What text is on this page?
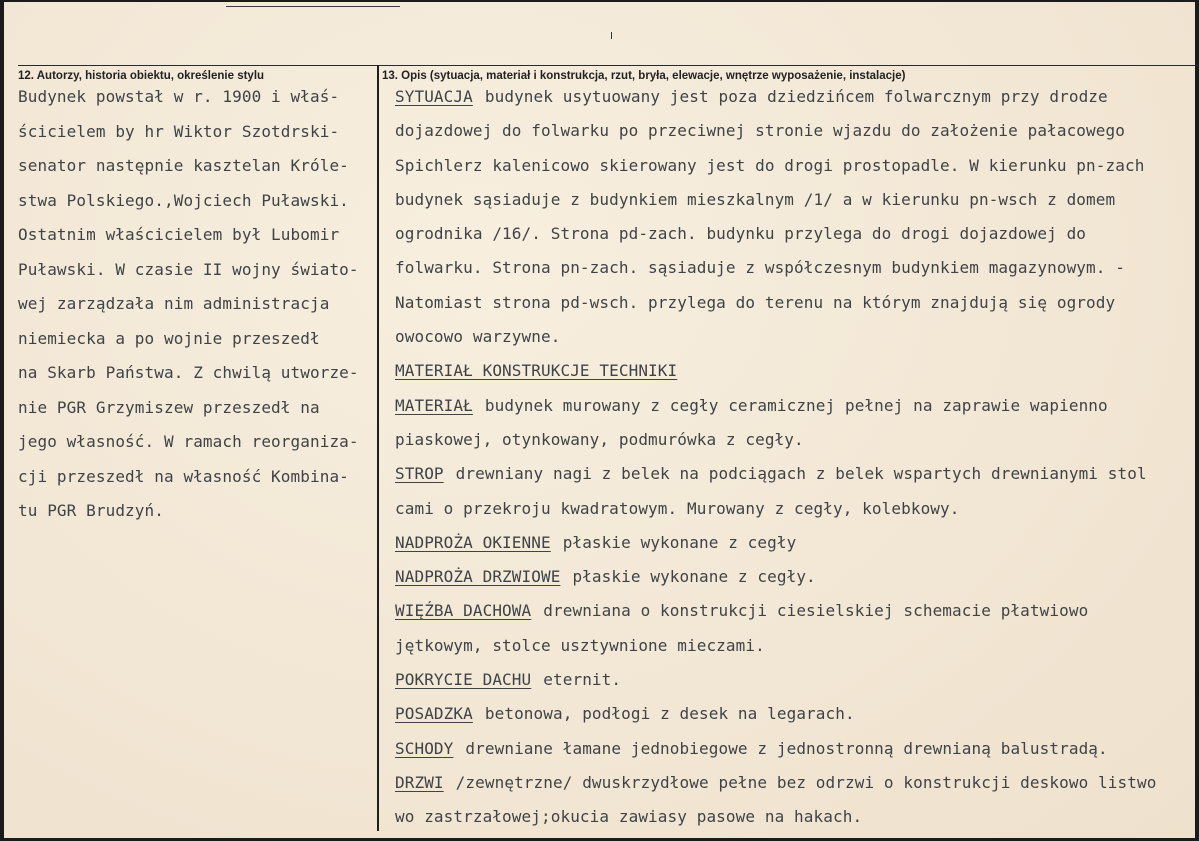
12. Autorzy, historia obiektu, określenie stylu	13. Opis (sytuacja, materiał i konstrukcja, rzut, bryła, elewacje, wnętrze wyposażenie, instalacje)
Budynek powstał w r. 1900 i właś-
ścicielem by hr Wiktor Szotdrski-
senator następnie kasztelan Króle-
stwa Polskiego.,Wojciech Puławski.
Ostatnim właścicielem był Lubomir
Puławski. W czasie II wojny świato-
wej zarządzała nim administracja
niemiecka a po wojnie przeszedł
na Skarb Państwa. Z chwilą utworze-
nie PGR Grzymiszew przeszedł na
jego własność. W ramach reorganiza-
cji przeszedł na własność Kombina-
tu PGR Brudzyń.
SYTUACJA budynek usytuowany jest poza dziedzińcem folwarcznym przy drodze
dojazdowej do folwarku po przeciwnej stronie wjazdu do założenie pałacowego
Spichlerz kalenicowo skierowany jest do drogi prostopadle. W kierunku pn-zach
budynek sąsiaduje z budynkiem mieszkalnym /1/ a w kierunku pn-wsch z domem
ogrodnika /16/. Strona pd-zach. budynku przylega do drogi dojazdowej do
folwarku. Strona pn-zach. sąsiaduje z współczesnym budynkiem magazynowym. -
Natomiast strona pd-wsch. przylega do terenu na którym znajdują się ogrody
owocowo warzywne.
MATERIAŁ KONSTRUKCJE TECHNIKI
MATERIAŁ budynek murowany z cegły ceramicznej pełnej na zaprawie wapienno
piaskowej, otynkowany, podmurówka z cegły.
STROP drewniany nagi z belek na podciągach z belek wspartych drewnianymi stol
cami o przekroju kwadratowym. Murowany z cegły, kolebkowy.
NADPROŻA OKIENNE płaskie wykonane z cegły
NADPROŻA DRZWIOWE płaskie wykonane z cegły.
WIĘŹBA DACHOWA drewniana o konstrukcji ciesielskiej schemacie płatwiowo
jętkowym, stolce usztywnione mieczami.
POKRYCIE DACHU eternit.
POSADZKA betonowa, podłogi z desek na legarach.
SCHODY drewniane łamane jednobiegowe z jednostronną drewnianą balustradą.
DRZWI /zewnętrzne/ dwuskrzydłowe pełne bez odrzwi o konstrukcji deskowo listwo
wo zastrzałowej;okucia zawiasy pasowe na hakach.
